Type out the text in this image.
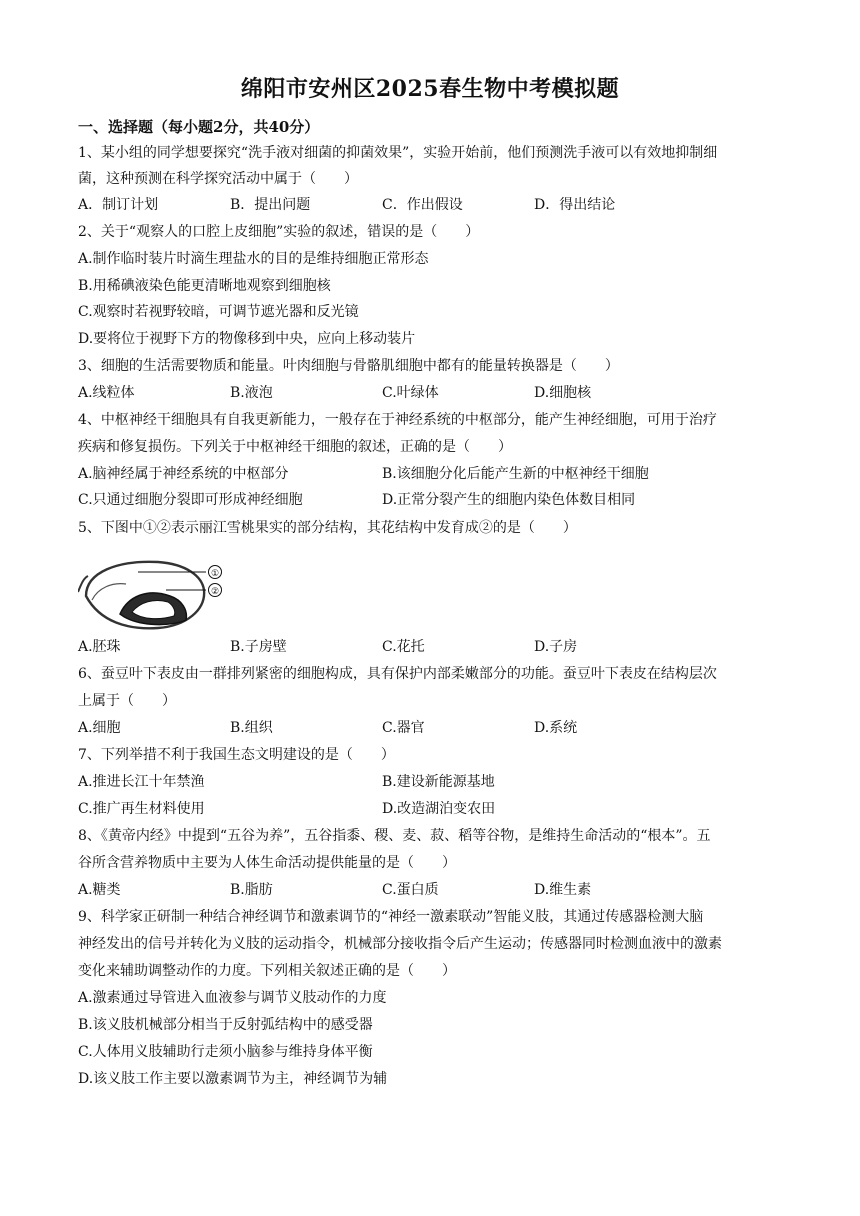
绵阳市安州区2025春生物中考模拟题
一、选择题（每小题2分，共40分）
1、某小组的同学想要探究“洗手液对细菌的抑菌效果”，实验开始前，他们预测洗手液可以有效地抑制细
菌，这种预测在科学探究活动中属于（　　）
A．制订计划	B．提出问题	C．作出假设	D．得出结论
2、关于“观察人的口腔上皮细胞”实验的叙述，错误的是（　　）
A.制作临时装片时滴生理盐水的目的是维持细胞正常形态
B.用稀碘液染色能更清晰地观察到细胞核
C.观察时若视野较暗，可调节遮光器和反光镜
D.要将位于视野下方的物像移到中央，应向上移动装片
3、细胞的生活需要物质和能量。叶肉细胞与骨骼肌细胞中都有的能量转换器是（　　）
A.线粒体	B.液泡	C.叶绿体	D.细胞核
4、中枢神经干细胞具有自我更新能力，一般存在于神经系统的中枢部分，能产生神经细胞，可用于治疗
疾病和修复损伤。下列关于中枢神经干细胞的叙述，正确的是（　　）
A.脑神经属于神经系统的中枢部分	B.该细胞分化后能产生新的中枢神经干细胞
C.只通过细胞分裂即可形成神经细胞	D.正常分裂产生的细胞内染色体数目相同
5、下图中①②表示丽江雪桃果实的部分结构，其花结构中发育成②的是（　　）
①
②
A.胚珠	B.子房壁	C.花托	D.子房
6、蚕豆叶下表皮由一群排列紧密的细胞构成，具有保护内部柔嫩部分的功能。蚕豆叶下表皮在结构层次
上属于（　　）
A.细胞	B.组织	C.器官	D.系统
7、下列举措不利于我国生态文明建设的是（　　）
A.推进长江十年禁渔	B.建设新能源基地
C.推广再生材料使用	D.改造湖泊变农田
8、《黄帝内经》中提到“五谷为养”，五谷指黍、稷、麦、菽、稻等谷物，是维持生命活动的“根本”。五
谷所含营养物质中主要为人体生命活动提供能量的是（　　）
A.糖类	B.脂肪	C.蛋白质	D.维生素
9、科学家正研制一种结合神经调节和激素调节的“神经一激素联动”智能义肢，其通过传感器检测大脑
神经发出的信号并转化为义肢的运动指令，机械部分接收指令后产生运动；传感器同时检测血液中的激素
变化来辅助调整动作的力度。下列相关叙述正确的是（　　）
A.激素通过导管进入血液参与调节义肢动作的力度
B.该义肢机械部分相当于反射弧结构中的感受器
C.人体用义肢辅助行走须小脑参与维持身体平衡
D.该义肢工作主要以激素调节为主，神经调节为辅
